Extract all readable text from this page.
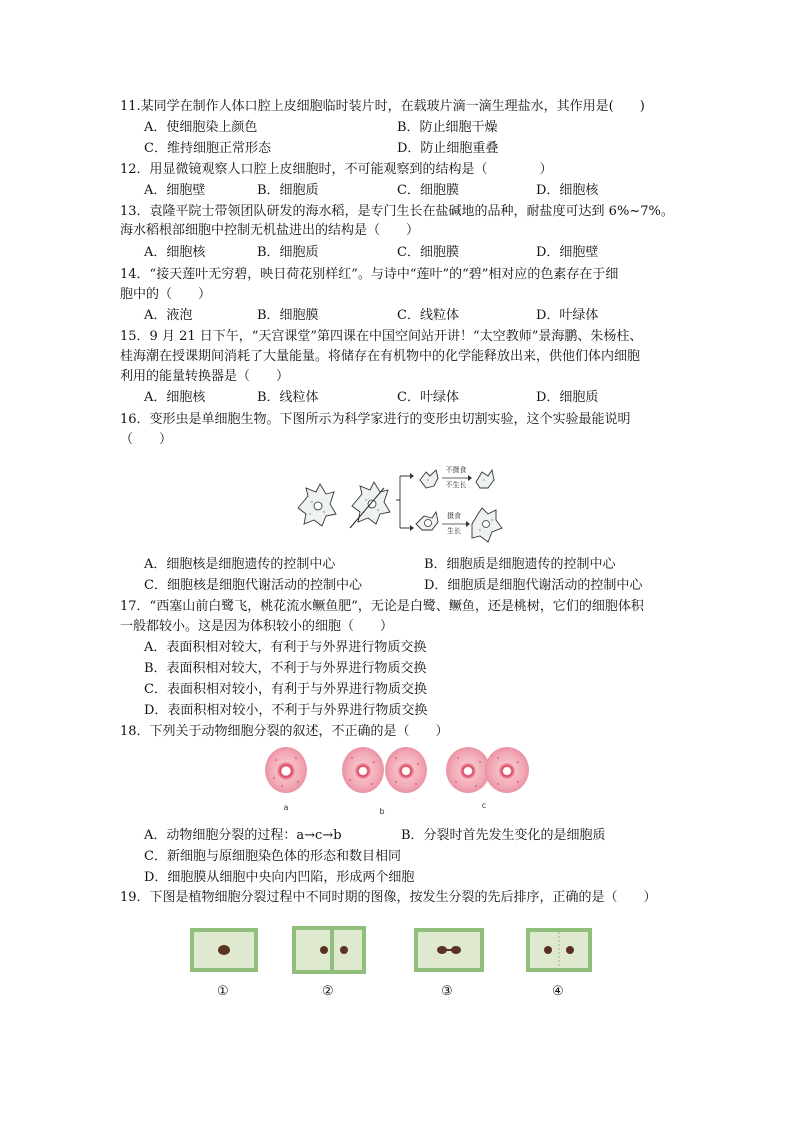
11.某同学在制作人体口腔上皮细胞临时装片时，在载玻片滴一滴生理盐水，其作用是(　　)
A．使细胞染上颜色	B．防止细胞干燥
C．维持细胞正常形态	D．防止细胞重叠
12．用显微镜观察人口腔上皮细胞时，不可能观察到的结构是（　　　　）
A．细胞壁	B．细胞质	C．细胞膜	D．细胞核
13．袁隆平院士带领团队研发的海水稻，是专门生长在盐碱地的品种，耐盐度可达到 6%~7%。
海水稻根部细胞中控制无机盐进出的结构是（　　）
A．细胞核	B．细胞质	C．细胞膜	D．细胞壁
14．“接天莲叶无穷碧，映日荷花别样红”。与诗中“莲叶”的“碧”相对应的色素存在于细
胞中的（　　）
A．液泡	B．细胞膜	C．线粒体	D．叶绿体
15．9 月 21 日下午，“天宫课堂”第四课在中国空间站开讲！“太空教师”景海鹏、朱杨柱、
桂海潮在授课期间消耗了大量能量。将储存在有机物中的化学能释放出来，供他们体内细胞
利用的能量转换器是（　　）
A．细胞核	B．线粒体	C．叶绿体	D．细胞质
16．变形虫是单细胞生物。下图所示为科学家进行的变形虫切割实验，这个实验最能说明
（　　）
不摄食
不生长
摄食
生长
A．细胞核是细胞遗传的控制中心	B．细胞质是细胞遗传的控制中心
C．细胞核是细胞代谢活动的控制中心	D．细胞质是细胞代谢活动的控制中心
17．“西塞山前白鹭飞，桃花流水鳜鱼肥”，无论是白鹭、鳜鱼，还是桃树，它们的细胞体积
一般都较小。这是因为体积较小的细胞（　　）
A．表面积相对较大，有利于与外界进行物质交换
B．表面积相对较大，不利于与外界进行物质交换
C．表面积相对较小，有利于与外界进行物质交换
D．表面积相对较小，不利于与外界进行物质交换
18．下列关于动物细胞分裂的叙述，不正确的是（　　）
a	b
c
A．动物细胞分裂的过程：a→c→b	B．分裂时首先发生变化的是细胞质
C．新细胞与原细胞染色体的形态和数目相同
D．细胞膜从细胞中央向内凹陷，形成两个细胞
19．下图是植物细胞分裂过程中不同时期的图像，按发生分裂的先后排序，正确的是（　　）
①	②	③	④
